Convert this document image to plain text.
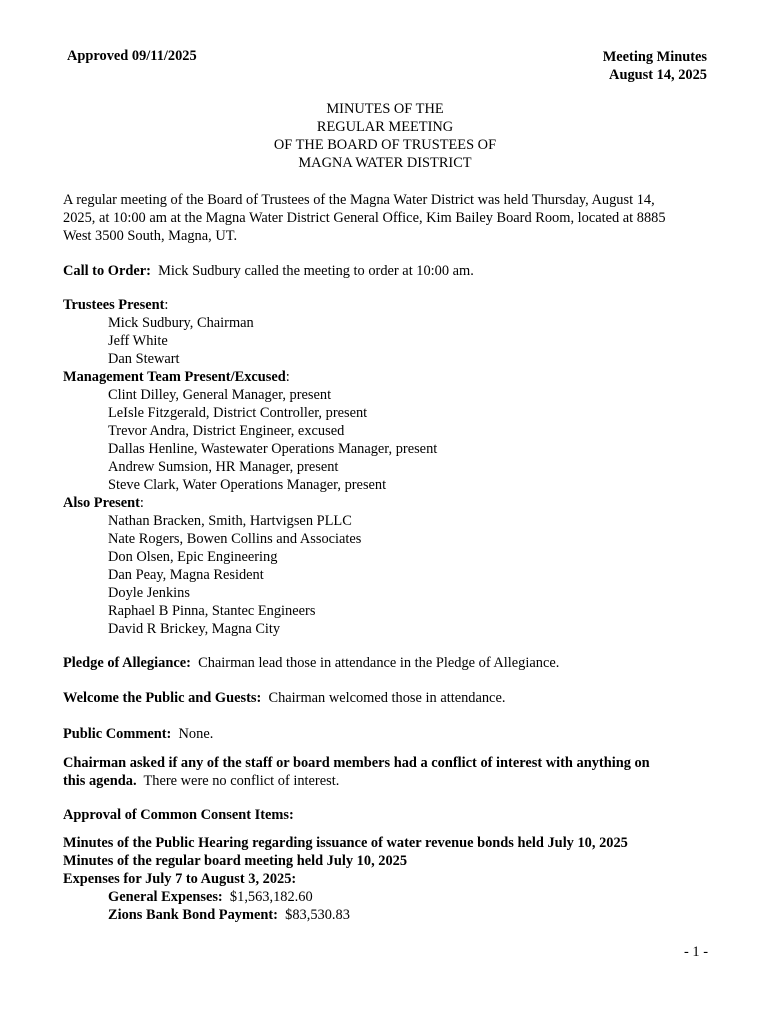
Approved 09/11/2025	Meeting Minutes
August 14, 2025
MINUTES OF THE
REGULAR MEETING
OF THE BOARD OF TRUSTEES OF
MAGNA WATER DISTRICT
A regular meeting of the Board of Trustees of the Magna Water District was held Thursday, August 14,
2025, at 10:00 am at the Magna Water District General Office, Kim Bailey Board Room, located at 8885
West 3500 South, Magna, UT.
Call to Order: Mick Sudbury called the meeting to order at 10:00 am.
Trustees Present:
Mick Sudbury, Chairman
Jeff White
Dan Stewart
Management Team Present/Excused:
Clint Dilley, General Manager, present
LeIsle Fitzgerald, District Controller, present
Trevor Andra, District Engineer, excused
Dallas Henline, Wastewater Operations Manager, present
Andrew Sumsion, HR Manager, present
Steve Clark, Water Operations Manager, present
Also Present:
Nathan Bracken, Smith, Hartvigsen PLLC
Nate Rogers, Bowen Collins and Associates
Don Olsen, Epic Engineering
Dan Peay, Magna Resident
Doyle Jenkins
Raphael B Pinna, Stantec Engineers
David R Brickey, Magna City
Pledge of Allegiance: Chairman lead those in attendance in the Pledge of Allegiance.
Welcome the Public and Guests: Chairman welcomed those in attendance.
Public Comment: None.
Chairman asked if any of the staff or board members had a conflict of interest with anything on
this agenda. There were no conflict of interest.
Approval of Common Consent Items:
Minutes of the Public Hearing regarding issuance of water revenue bonds held July 10, 2025
Minutes of the regular board meeting held July 10, 2025
Expenses for July 7 to August 3, 2025:
General Expenses: $1,563,182.60
Zions Bank Bond Payment: $83,530.83
- 1 -
